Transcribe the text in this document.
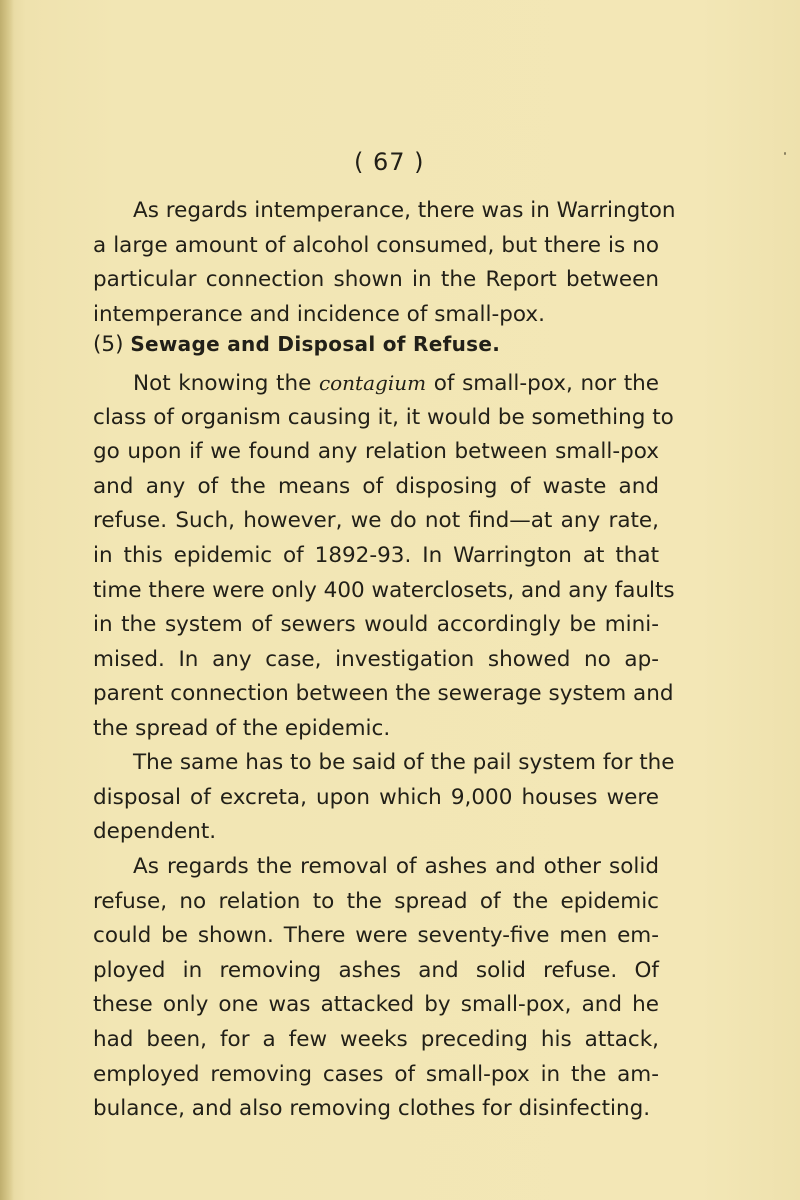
( 67 )
As regards intemperance, there was in Warrington
a large amount of alcohol consumed, but there is no
particular connection shown in the Report between
intemperance and incidence of small-pox.
(5) Sewage and Disposal of Refuse.
Not knowing the contagium of small-pox, nor the
class of organism causing it, it would be something to
go upon if we found any relation between small-pox
and any of the means of disposing of waste and
refuse. Such, however, we do not find—at any rate,
in this epidemic of 1892-93. In Warrington at that
time there were only 400 waterclosets, and any faults
in the system of sewers would accordingly be mini-
mised. In any case, investigation showed no ap-
parent connection between the sewerage system and
the spread of the epidemic.
The same has to be said of the pail system for the
disposal of excreta, upon which 9,000 houses were
dependent.
As regards the removal of ashes and other solid
refuse, no relation to the spread of the epidemic
could be shown. There were seventy-five men em-
ployed in removing ashes and solid refuse. Of
these only one was attacked by small-pox, and he
had been, for a few weeks preceding his attack,
employed removing cases of small-pox in the am-
bulance, and also removing clothes for disinfecting.
